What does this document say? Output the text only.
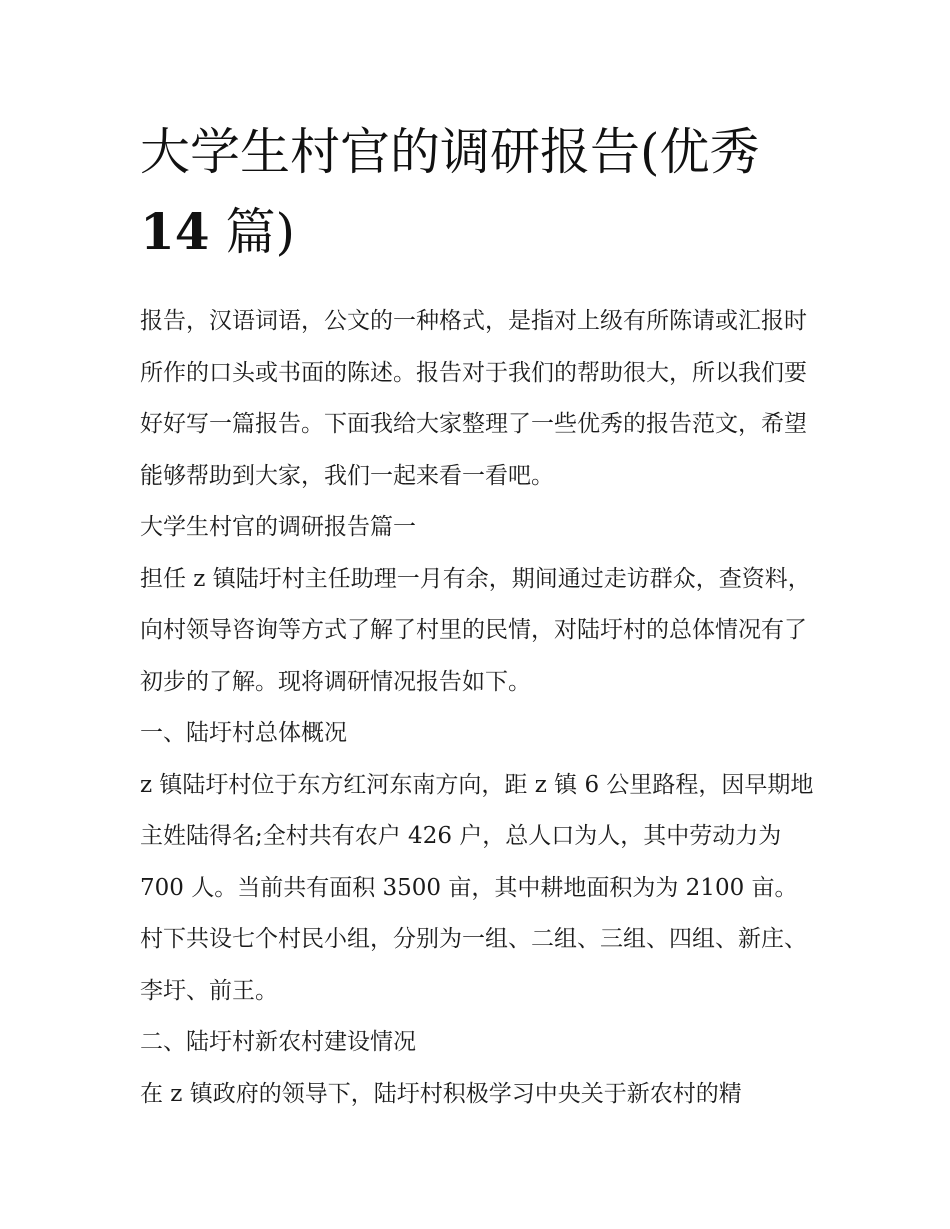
大学生村官的调研报告(优秀
14 篇)

报告，汉语词语，公文的一种格式，是指对上级有所陈请或汇报时所作的口头或书面的陈述。报告对于我们的帮助很大，所以我们要好好写一篇报告。下面我给大家整理了一些优秀的报告范文，希望能够帮助到大家，我们一起来看一看吧。

大学生村官的调研报告篇一

担任 z 镇陆圩村主任助理一月有余，期间通过走访群众，查资料，向村领导咨询等方式了解了村里的民情，对陆圩村的总体情况有了初步的了解。现将调研情况报告如下。

一、陆圩村总体概况

z 镇陆圩村位于东方红河东南方向，距 z 镇 6 公里路程，因早期地主姓陆得名;全村共有农户 426 户，总人口为人，其中劳动力为 700 人。当前共有面积 3500 亩，其中耕地面积为为 2100 亩。村下共设七个村民小组，分别为一组、二组、三组、四组、新庄、李圩、前王。

二、陆圩村新农村建设情况

在 z 镇政府的领导下，陆圩村积极学习中央关于新农村的精
